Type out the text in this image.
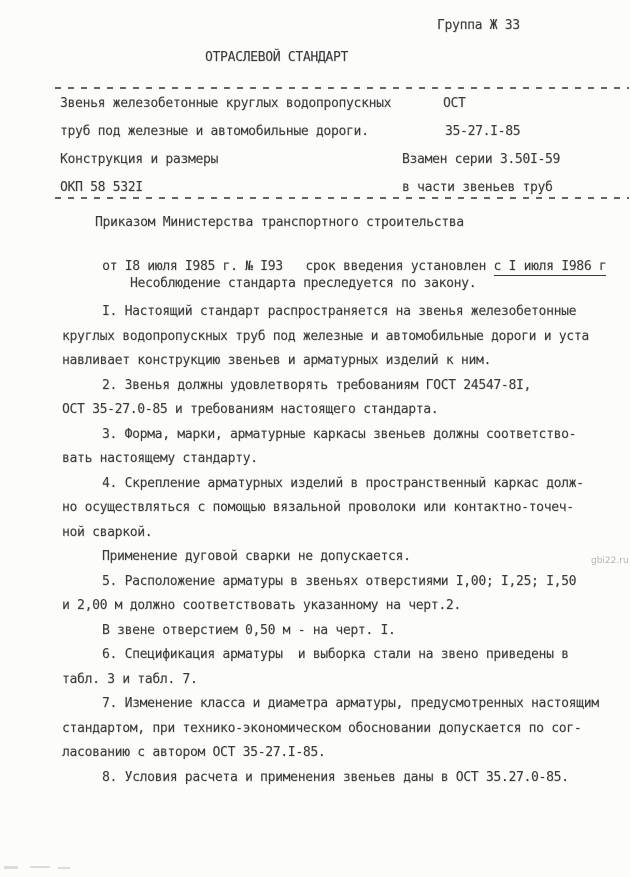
Группа Ж 33
ОТРАСЛЕВОЙ СТАНДАРТ
Звенья железобетонные круглых водопропускных
труб под железные и автомобильные дороги.
Конструкция и размеры
ОКП 58 532I
ОСТ
35-27.I-85
Взамен серии 3.50I-59
в части звеньев труб
Приказом Министерства транспортного строительства

от I8 июля I985 г. № I93   срок введения установлен с I июля I986 г

Несоблюдение стандарта преследуется по закону.
I. Настоящий стандарт распространяется на звенья железобетонные
круглых водопропускных труб под железные и автомобильные дороги и уста
навливает конструкцию звеньев и арматурных изделий к ним.
2. Звенья должны удовлетворять требованиям ГОСТ 24547-8I,
ОСТ 35-27.0-85 и требованиям настоящего стандарта.
3. Форма, марки, арматурные каркасы звеньев должны соответство-
вать настоящему стандарту.
4. Скрепление арматурных изделий в пространственный каркас долж-
но осуществляться с помощью вязальной проволоки или контактно-точеч-
ной сваркой.
Применение дуговой сварки не допускается.
5. Расположение арматуры в звеньях отверстиями I,00; I,25; I,50
и 2,00 м должно соответствовать указанному на черт.2.
В звене отверстием 0,50 м - на черт. I.
6. Спецификация арматуры  и выборка стали на звено приведены в
табл. 3 и табл. 7.
7. Изменение класса и диаметра арматуры, предусмотренных настоящим
стандартом, при технико-экономическом обосновании допускается по сог-
ласованию с автором ОСТ 35-27.I-85.
8. Условия расчета и применения звеньев даны в ОСТ 35.27.0-85.
gbi22.ru
